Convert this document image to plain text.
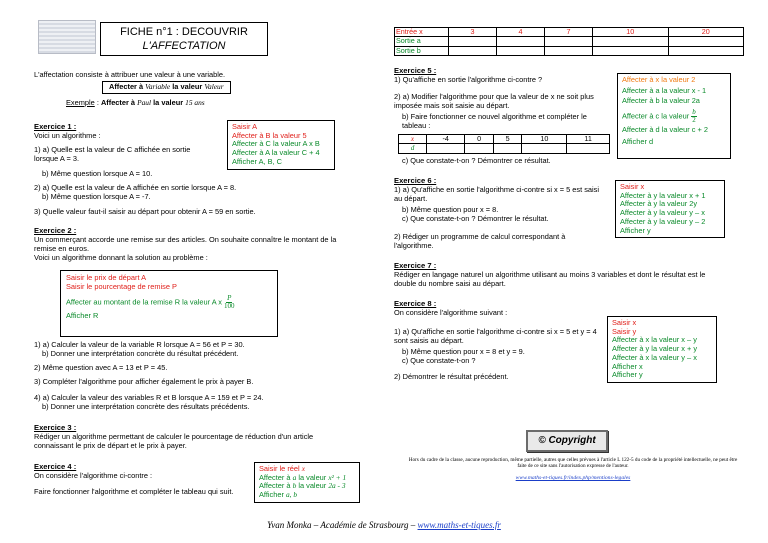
FICHE n°1 : DECOUVRIR
L'AFFECTATION
L'affectation consiste à attribuer une valeur à une variable.
Affecter à Variable la valeur Valeur
Exemple : Affecter à Paul la valeur 15 ans
Exercice 1 :
Voici un algorithme :
1) a) Quelle est la valeur de C affichée en sortie lorsque A = 3.
b) Même question lorsque A = 10.
2) a) Quelle est la valeur de A affichée en sortie lorsque A = 8.
b) Même question lorsque A = -7.
3) Quelle valeur faut-il saisir au départ pour obtenir A = 59 en sortie.
Saisir A
Affecter à B la valeur 5
Affecter à C la valeur A x B
Affecter à A la valeur C + 4
Afficher A, B, C
Exercice 2 :
Un commerçant accorde une remise sur des articles. On souhaite connaître le montant de la remise en euros.
Voici un algorithme donnant la solution au problème :
Saisir le prix de départ A
Saisir le pourcentage de remise P
Affecter au montant de la remise R la valeur A x $\frac{P}{100}$
Afficher R
1) a) Calculer la valeur de la variable R lorsque A = 56 et P = 30.
b) Donner une interprétation concrète du résultat précédent.
2) Même question avec A = 13 et P = 45.
3) Compléter l'algorithme pour afficher également le prix à payer B.
4) a) Calculer la valeur des variables R et B lorsque A = 159 et P = 24.
b) Donner une interprétation concrète des résultats précédents.
Exercice 3 :
Rédiger un algorithme permettant de calculer le pourcentage de réduction d'un article connaissant le prix de départ et le prix à payer.
Exercice 4 :
On considère l'algorithme ci-contre :
Faire fonctionner l'algorithme et compléter le tableau qui suit.
Saisir le réel x
Affecter à a la valeur x² + 1
Affecter à b la valeur 2a - 3
Afficher a, b
Entrée x	3	4	7	10	20
Sortie a					
Sortie b					
Exercice 5 :
1) Qu'affiche en sortie l'algorithme ci-contre ?
2) a) Modifier l'algorithme pour que la valeur de x ne soit plus imposée mais soit saisie au départ.
b) Faire fonctionner ce nouvel algorithme et compléter le tableau :
x	-4	0	5	10	11
d					
c) Que constate-t-on ? Démontrer ce résultat.
Affecter à x la valeur 2
Affecter à a la valeur x - 1
Affecter à b la valeur 2a
Affecter à c la valeur $\frac{b}{2}$
Affecter à d la valeur c + 2
Afficher d
Exercice 6 :
1) a) Qu'affiche en sortie l'algorithme ci-contre si x = 5 est saisi au départ.
b) Même question pour x = 8.
c) Que constate-t-on ? Démontrer le résultat.
2) Rédiger un programme de calcul correspondant à l'algorithme.
Saisir x
Affecter à y la valeur x + 1
Affecter à y la valeur 2y
Affecter à y la valeur y – x
Affecter à y la valeur y – 2
Afficher y
Exercice 7 :
Rédiger en langage naturel un algorithme utilisant au moins 3 variables et dont le résultat est le double du nombre saisi au départ.
Exercice 8 :
On considère l'algorithme suivant :
1) a) Qu'affiche en sortie l'algorithme ci-contre si x = 5 et y = 4 sont saisis au départ.
b) Même question pour x = 8 et y = 9.
c) Que constate-t-on ?
2) Démontrer le résultat précédent.
Saisir x
Saisir y
Affecter à x la valeur x – y
Affecter à y la valeur x + y
Affecter à x la valeur y – x
Afficher x
Afficher y
© Copyright
Hors du cadre de la classe, aucune reproduction, même partielle, autres que celles prévues à l'article L 122-5 du code de la propriété intellectuelle, ne peut être faite de ce site sans l'autorisation expresse de l'auteur.
www.maths-et-tiques.fr/index.php/mentions-legales
Yvan Monka – Académie de Strasbourg – www.maths-et-tiques.fr
